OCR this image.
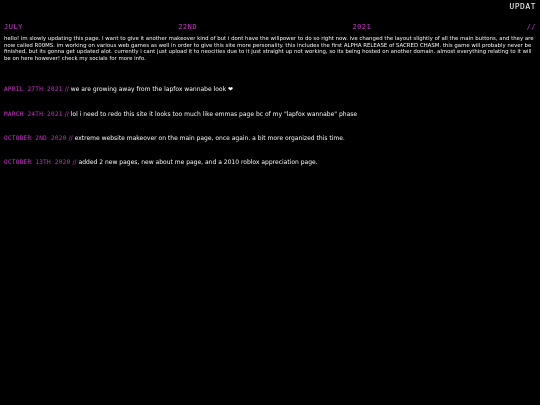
UPDAT
JULY	22ND	2021	//
hello! im slowly updating this page. I want to give it another makeover kind of but i dont have the willpower to do so right now. ive changed the layout slightly of all the main buttons, and they are now called R00MS. im working on various web games as well in order to give this site more personality. this includes the first ALPHA RELEASE of SACRED CHASM. this game will probably never be finished, but its gonna get updated alot. currently i cant just upload it to neocities due to it just straight up not working, so its being hosted on another domain. almost everything relating to it will be on here however! check my socials for more info.
APRIL 27TH 2021 // we are growing away from the lapfox wannabe look ❤
MARCH 24TH 2021 // lol i need to redo this site it looks too much like emmas page bc of my "lapfox wannabe" phase
OCTOBER 2ND 2020 // extreme website makeover on the main page, once again. a bit more organized this time.
OCTOBER 13TH 2020 // added 2 new pages, new about me page, and a 2010 roblox appreciation page.
